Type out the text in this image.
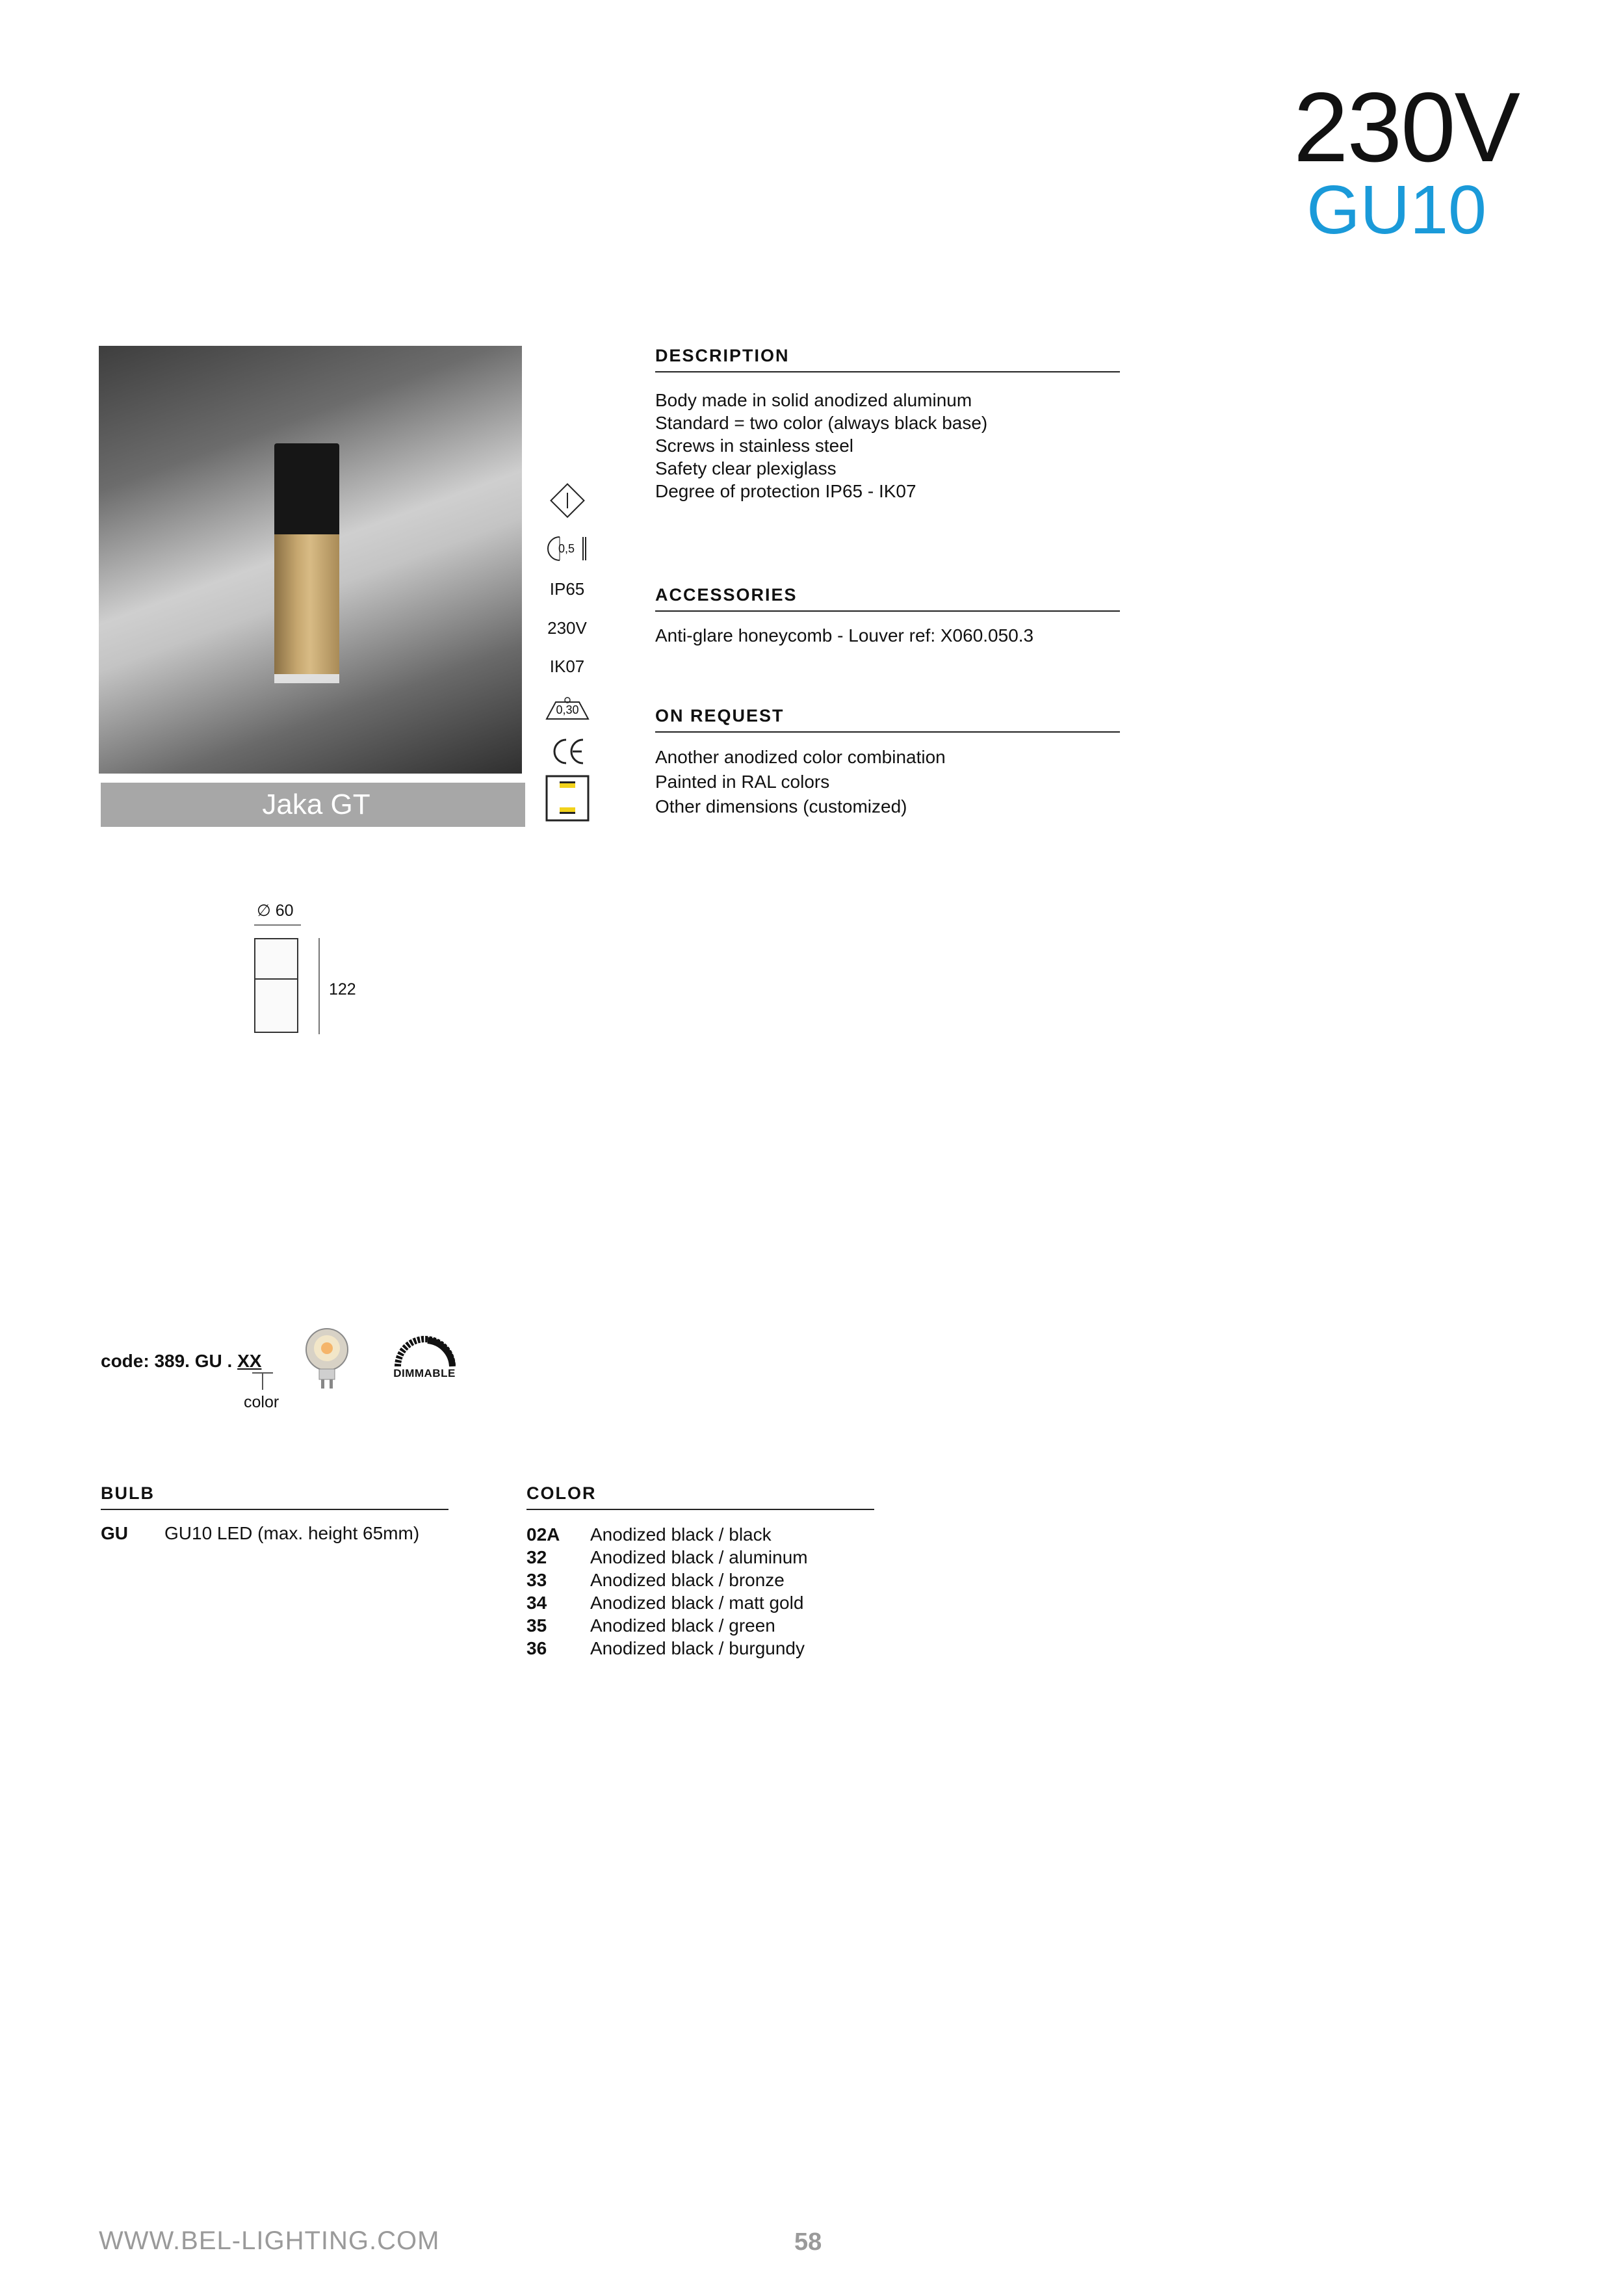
230V
GU10
Jaka GT
0,5
IP65
230V
IK07
0,30
DESCRIPTION
Body made in solid anodized aluminum
Standard = two color (always black base)
Screws in stainless steel
Safety clear plexiglass
Degree of protection IP65 - IK07
ACCESSORIES
Anti-glare honeycomb - Louver ref: X060.050.3
ON REQUEST
Another anodized color combination
Painted in RAL colors
Other dimensions (customized)
∅ 60
122
code: 389. GU . XX
color
DIMMABLE
BULB
GU GU10 LED (max. height 65mm)
COLOR
02A Anodized black / black
32 Anodized black / aluminum
33 Anodized black / bronze
34 Anodized black / matt gold
35 Anodized black / green
36 Anodized black / burgundy
WWW.BEL-LIGHTING.COM	58
